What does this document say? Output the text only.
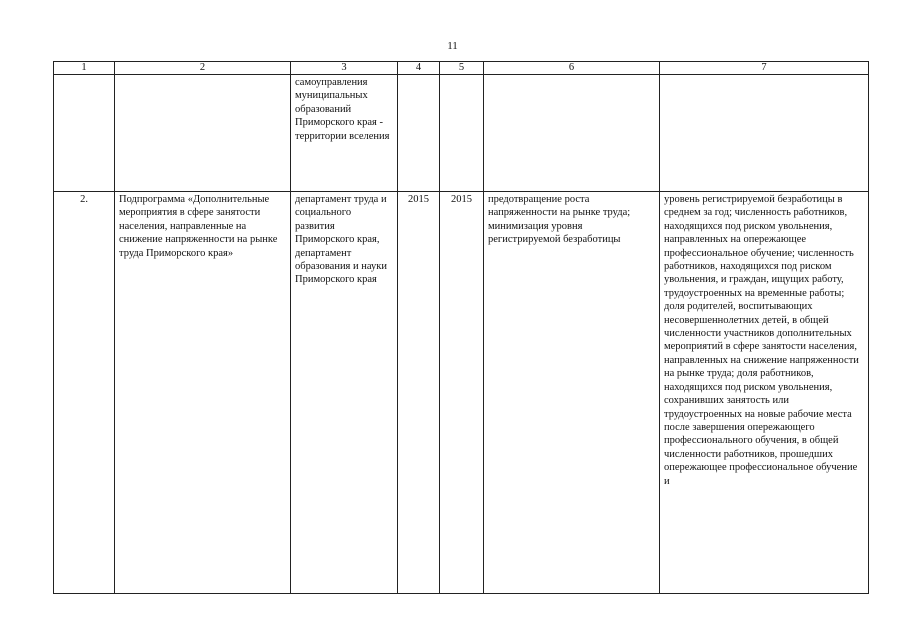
11
1	2	3	4	5	6	7
		самоуправления муниципальных образований Приморского края - территории вселения				
2.	Подпрограмма «Дополнительные мероприятия в сфере занятости населения, направленные на снижение напряженности на рынке труда Приморского края»	департамент труда и социального развития Приморского края, департамент образования и науки Приморского края	2015	2015	предотвращение роста напряженности на рынке труда; минимизация уровня регистрируемой безработицы	уровень регистрируемой безработицы в среднем за год; численность работников, находящихся под риском увольнения, направленных на опережающее профессиональное обучение; численность работников, находящихся под риском увольнения, и граждан, ищущих работу, трудоустроенных на временные работы; доля родителей, воспитывающих несовершеннолетних детей, в общей численности участников дополнительных мероприятий в сфере занятости населения, направленных на снижение напряженности на рынке труда; доля работников, находящихся под риском увольнения, сохранивших занятость или трудоустроенных на новые рабочие места после завершения опережающего профессионального обучения, в общей численности работников, прошедших опережающее профессиональное обучение и
